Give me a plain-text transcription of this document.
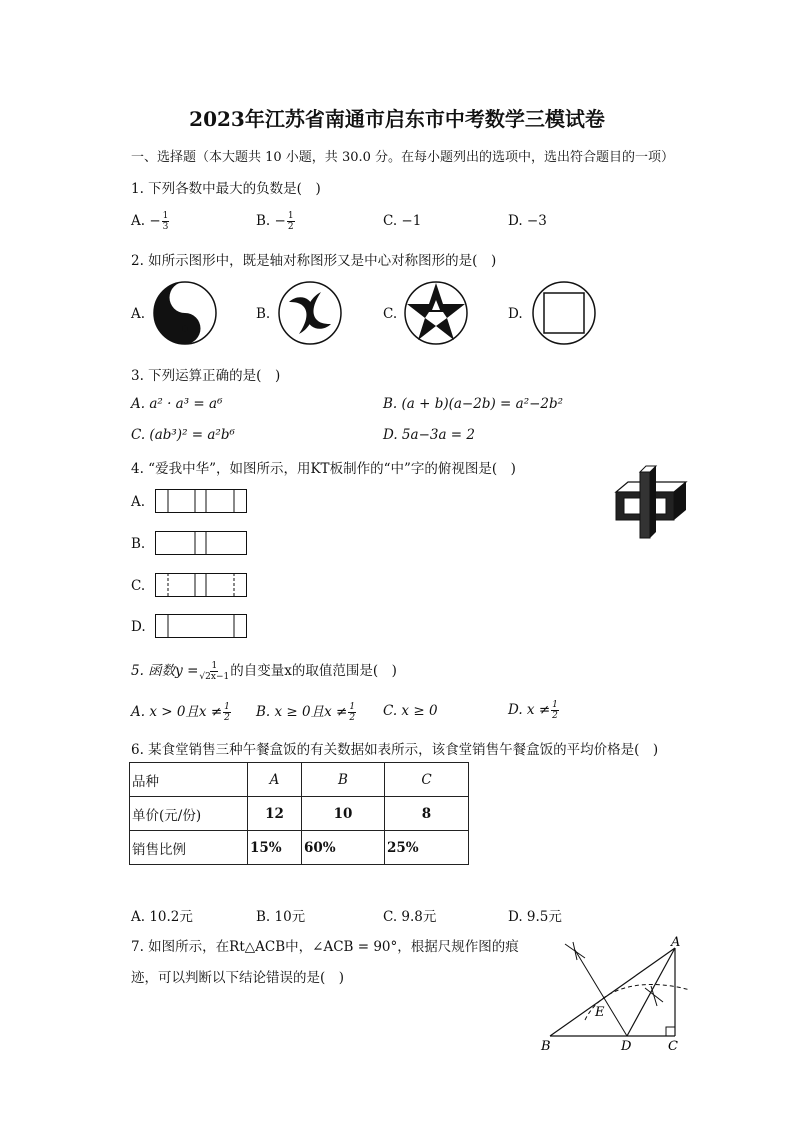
2023年江苏省南通市启东市中考数学三模试卷
一、选择题（本大题共 10 小题，共 30.0 分。在每小题列出的选项中，选出符合题目的一项）
1. 下列各数中最大的负数是(　)
A. − $\frac{1}{3}$	B. − $\frac{1}{2}$	C. −1	D. −3
2. 如所示图形中，既是轴对称图形又是中心对称图形的是(　)
A.	B.	C.	D.
3. 下列运算正确的是(　)
A. a² · a³ = a⁶	B. (a + b)(a−2b) = a²−2b²
C. (ab³)² = a²b⁶	D. 5a−3a = 2
4. “爱我中华”，如图所示，用KT板制作的“中”字的俯视图是(　)
A.
B.
C.
D.
5. 函数$y = \frac{1}{√2x-1}$ 的自变量x的取值范围是(　)
A. x > 0且$x \ne \frac{1}{2} B$. x ≥ 0且$x \ne \frac{1}{2} C$. x ≥ 0	D. $x \ne \frac{1}{2}$
6. 某食堂销售三种午餐盒饭的有关数据如表所示，该食堂销售午餐盒饭的平均价格是(　)
品种	A	B	C
单价(元/份)	12	10	8
销售比例	15%	60%	25%
A. 10.2元	B. 10元	C. 9.8元	D. 9.5元
7. 如图所示，在Rt△ACB中，∠ACB = 90°，根据尺规作图的痕
迹，可以判断以下结论错误的是(　)
A
B	C
D
E
